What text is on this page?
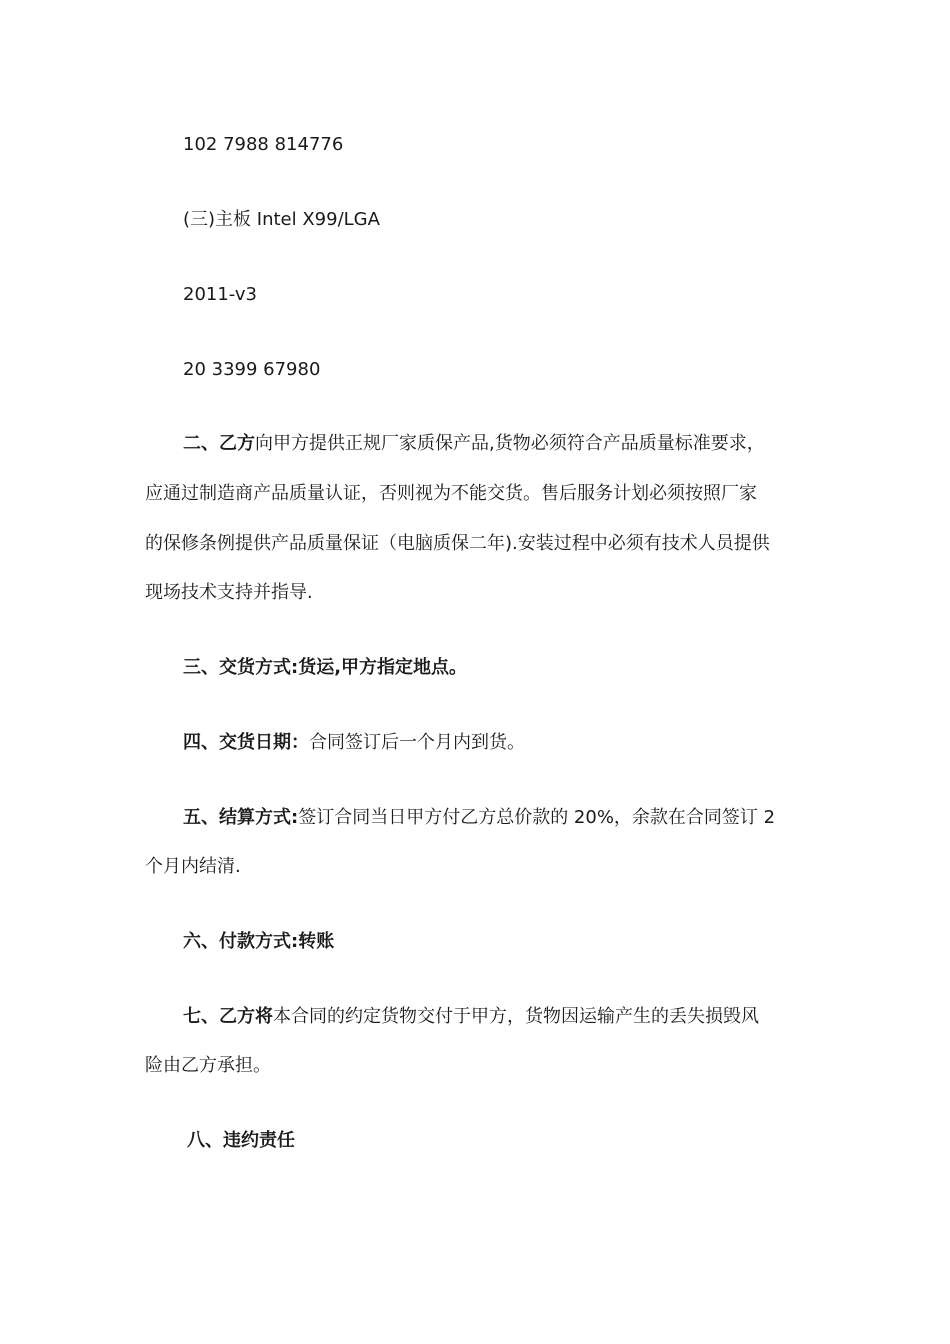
102 7988 814776

(三)主板 Intel X99/LGA

2011-v3

20 3399 67980

二、乙方向甲方提供正规厂家质保产品,货物必须符合产品质量标准要求，

应通过制造商产品质量认证，否则视为不能交货。售后服务计划必须按照厂家

的保修条例提供产品质量保证（电脑质保二年).安装过程中必须有技术人员提供

现场技术支持并指导.

三、交货方式:货运,甲方指定地点。

四、交货日期：合同签订后一个月内到货。

五、结算方式:签订合同当日甲方付乙方总价款的 20%，余款在合同签订 2

个月内结清.

六、付款方式:转账

七、乙方将本合同的约定货物交付于甲方，货物因运输产生的丢失损毁风

险由乙方承担。

八、违约责任
